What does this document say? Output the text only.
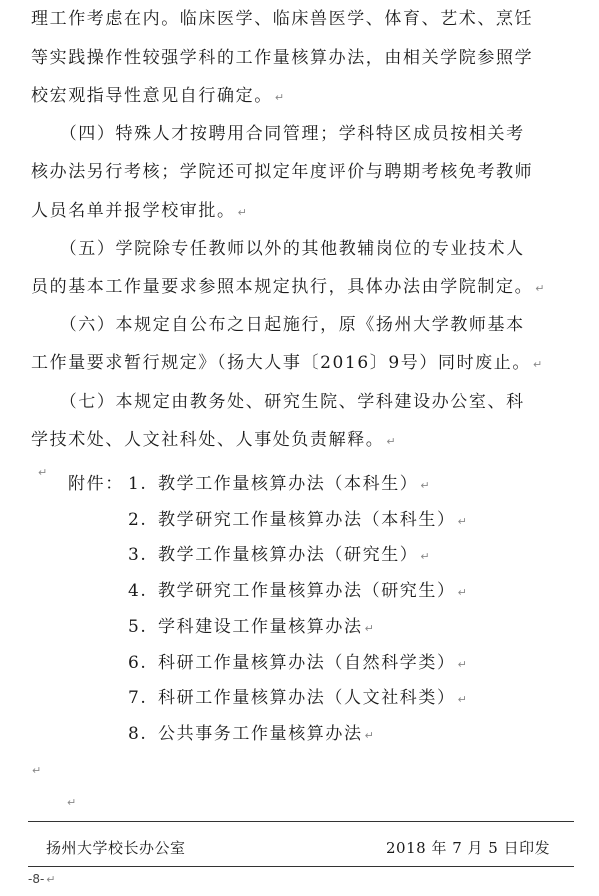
理工作考虑在内。临床医学、临床兽医学、体育、艺术、烹饪
等实践操作性较强学科的工作量核算办法，由相关学院参照学
校宏观指导性意见自行确定。 ↵
　　（四）特殊人才按聘用合同管理；学科特区成员按相关考
核办法另行考核；学院还可拟定年度评价与聘期考核免考教师
人员名单并报学校审批。 ↵
　　（五）学院除专任教师以外的其他教辅岗位的专业技术人
员的基本工作量要求参照本规定执行，具体办法由学院制定。 ↵
　　（六）本规定自公布之日起施行，原《扬州大学教师基本
工作量要求暂行规定》（扬大人事〔2016〕9号）同时废止。 ↵
　　（七）本规定由教务处、研究生院、学科建设办公室、科
学技术处、人文社科处、人事处负责解释。 ↵
↵
附件： 1. 教学工作量核算办法（本科生） ↵
2. 教学研究工作量核算办法（本科生） ↵
3. 教学工作量核算办法（研究生） ↵
4. 教学研究工作量核算办法（研究生） ↵
5. 学科建设工作量核算办法 ↵
6. 科研工作量核算办法（自然科学类） ↵
7. 科研工作量核算办法（人文社科类） ↵
8. 公共事务工作量核算办法 ↵
↵
↵
扬州大学校长办公室	2018 年 7 月 5 日印发
-8- ↵
